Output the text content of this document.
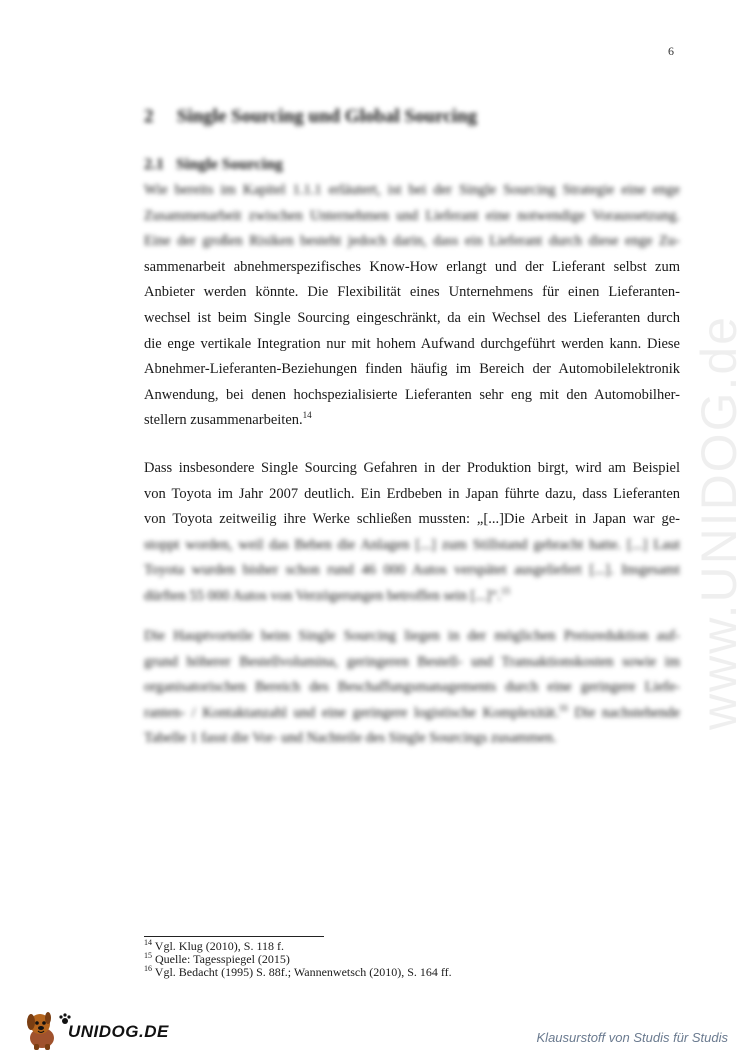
6
www.UNIDOG.de
2 Single Sourcing und Global Sourcing
2.1 Single Sourcing
Wie bereits im Kapitel 1.1.1 erläutert, ist bei der Single Sourcing Strategie eine enge
Zusammenarbeit zwischen Unternehmen und Lieferant eine notwendige Voraussetzung.
Eine der großen Risiken besteht jedoch darin, dass ein Lieferant durch diese enge Zu-
sammenarbeit abnehmerspezifisches Know-How erlangt und der Lieferant selbst zum
Anbieter werden könnte. Die Flexibilität eines Unternehmens für einen Lieferanten-
wechsel ist beim Single Sourcing eingeschränkt, da ein Wechsel des Lieferanten durch
die enge vertikale Integration nur mit hohem Aufwand durchgeführt werden kann. Diese
Abnehmer-Lieferanten-Beziehungen finden häufig im Bereich der Automobilelektronik
Anwendung, bei denen hochspezialisierte Lieferanten sehr eng mit den Automobilher-
stellern zusammenarbeiten.$^{14}$
Dass insbesondere Single Sourcing Gefahren in der Produktion birgt, wird am Beispiel
von Toyota im Jahr 2007 deutlich. Ein Erdbeben in Japan führte dazu, dass Lieferanten
von Toyota zeitweilig ihre Werke schließen mussten: „[...]Die Arbeit in Japan war ge-
stoppt worden, weil das Beben die Anlagen [...] zum Stillstand gebracht hatte. [...] Laut
Toyota wurden bisher schon rund 46 000 Autos verspätet ausgeliefert [...]. Insgesamt
dürften 55 000 Autos von Verzögerungen betroffen sein [...]“.$^{15}$
Die Hauptvorteile beim Single Sourcing liegen in der möglichen Preisreduktion auf-
grund höherer Bestellvolumina, geringeren Bestell- und Transaktionskosten sowie im
organisatorischen Bereich des Beschaffungsmanagements durch eine geringere Liefe-
ranten- / Kontaktanzahl und eine geringere logistische Komplexität.$^{16}$ Die nachstehende
Tabelle 1 fasst die Vor- und Nachteile des Single Sourcings zusammen.

$^{14}$ Vgl. Klug (2010), S. 118 f.

$^{15}$ Quelle: Tagesspiegel (2015)

$^{16}$ Vgl. Bedacht (1995) S. 88f.; Wannenwetsch (2010), S. 164 ff.

UNIDOG.DE	Klausurstoff von Studis für Studis
